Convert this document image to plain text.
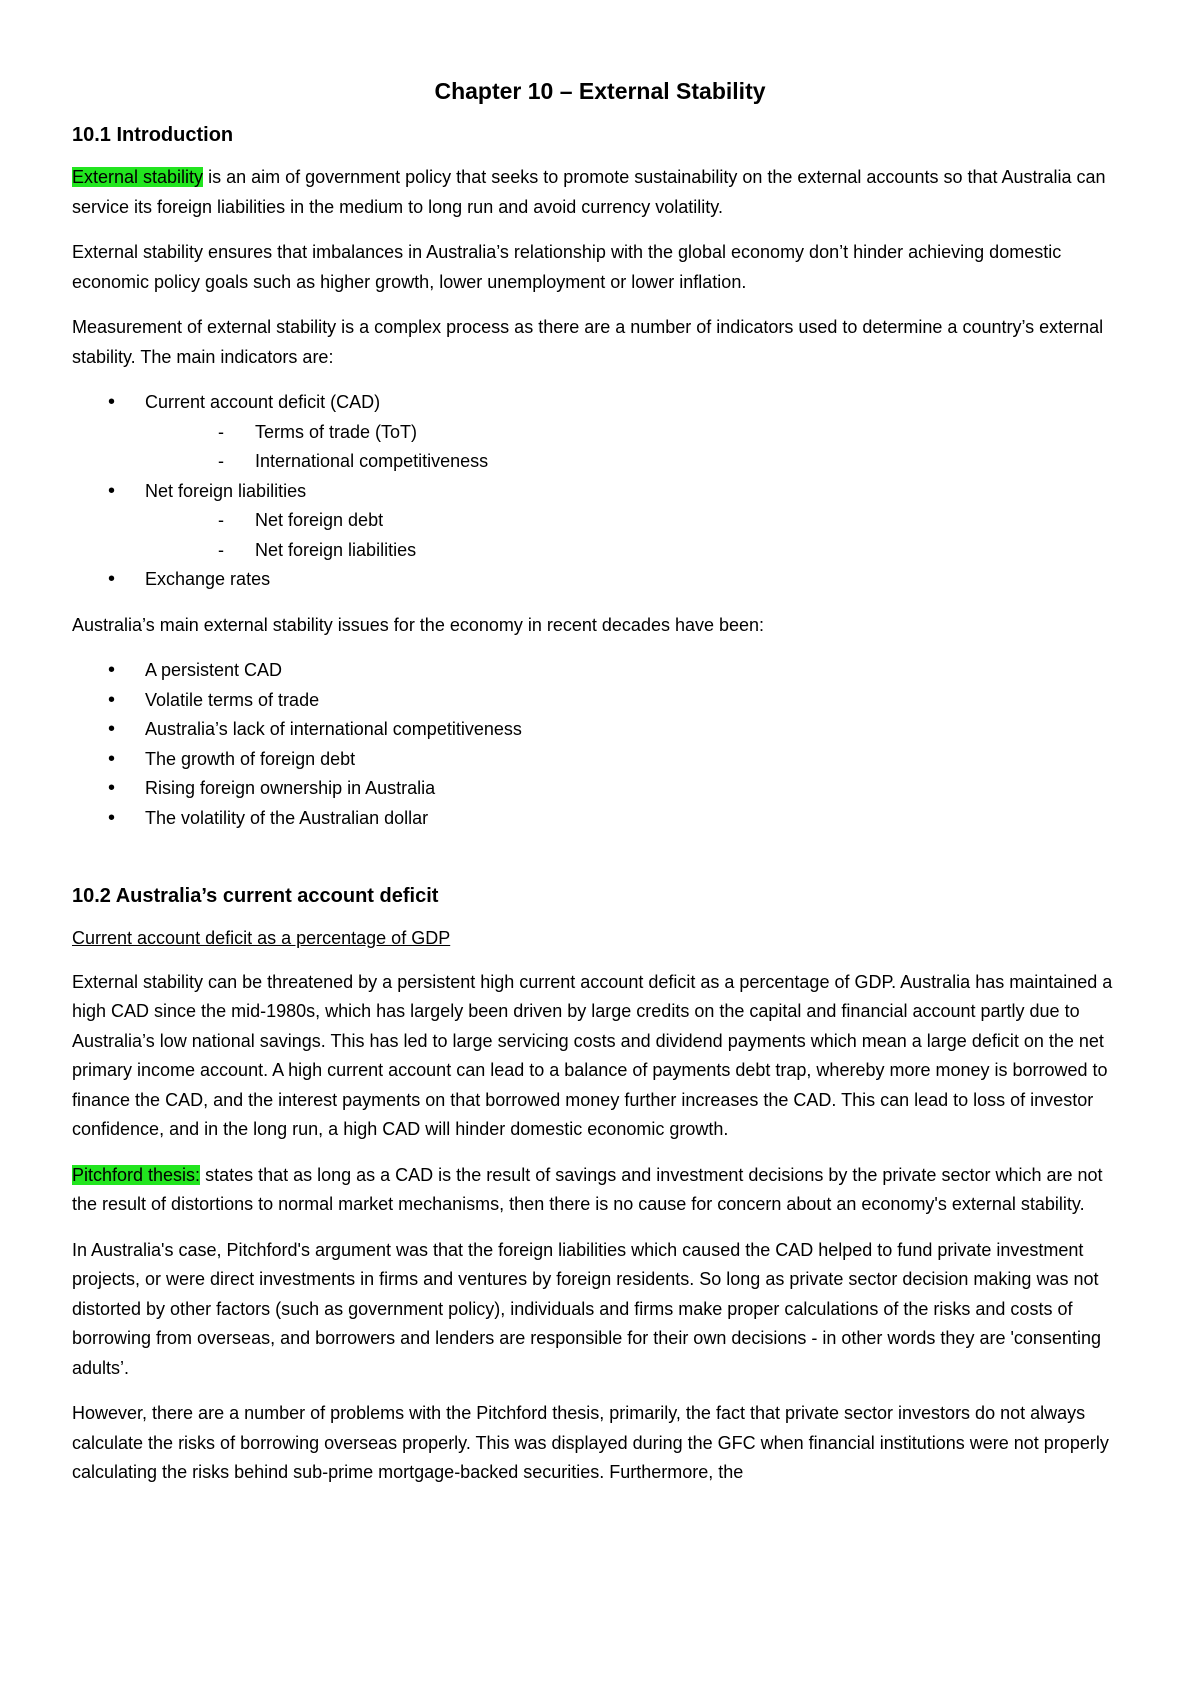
Chapter 10 – External Stability
10.1 Introduction

External stability is an aim of government policy that seeks to promote sustainability on the external accounts so that Australia can service its foreign liabilities in the medium to long run and avoid currency volatility.

External stability ensures that imbalances in Australia’s relationship with the global economy don’t hinder achieving domestic economic policy goals such as higher growth, lower unemployment or lower inflation.

Measurement of external stability is a complex process as there are a number of indicators used to determine a country’s external stability. The main indicators are:

• Current account deficit (CAD)
- Terms of trade (ToT)
- International competitiveness
• Net foreign liabilities
- Net foreign debt
- Net foreign liabilities
• Exchange rates

Australia’s main external stability issues for the economy in recent decades have been:

• A persistent CAD
• Volatile terms of trade
• Australia’s lack of international competitiveness
• The growth of foreign debt
• Rising foreign ownership in Australia
• The volatility of the Australian dollar
10.2 Australia’s current account deficit

Current account deficit as a percentage of GDP

External stability can be threatened by a persistent high current account deficit as a percentage of GDP. Australia has maintained a high CAD since the mid-1980s, which has largely been driven by large credits on the capital and financial account partly due to Australia’s low national savings. This has led to large servicing costs and dividend payments which mean a large deficit on the net primary income account. A high current account can lead to a balance of payments debt trap, whereby more money is borrowed to finance the CAD, and the interest payments on that borrowed money further increases the CAD. This can lead to loss of investor confidence, and in the long run, a high CAD will hinder domestic economic growth.

Pitchford thesis: states that as long as a CAD is the result of savings and investment decisions by the private sector which are not the result of distortions to normal market mechanisms, then there is no cause for concern about an economy's external stability.

In Australia's case, Pitchford's argument was that the foreign liabilities which caused the CAD helped to fund private investment projects, or were direct investments in firms and ventures by foreign residents. So long as private sector decision making was not distorted by other factors (such as government policy), individuals and firms make proper calculations of the risks and costs of borrowing from overseas, and borrowers and lenders are responsible for their own decisions - in other words they are 'consenting adults’.

However, there are a number of problems with the Pitchford thesis, primarily, the fact that private sector investors do not always calculate the risks of borrowing overseas properly. This was displayed during the GFC when financial institutions were not properly calculating the risks behind sub-prime mortgage-backed securities. Furthermore, the
